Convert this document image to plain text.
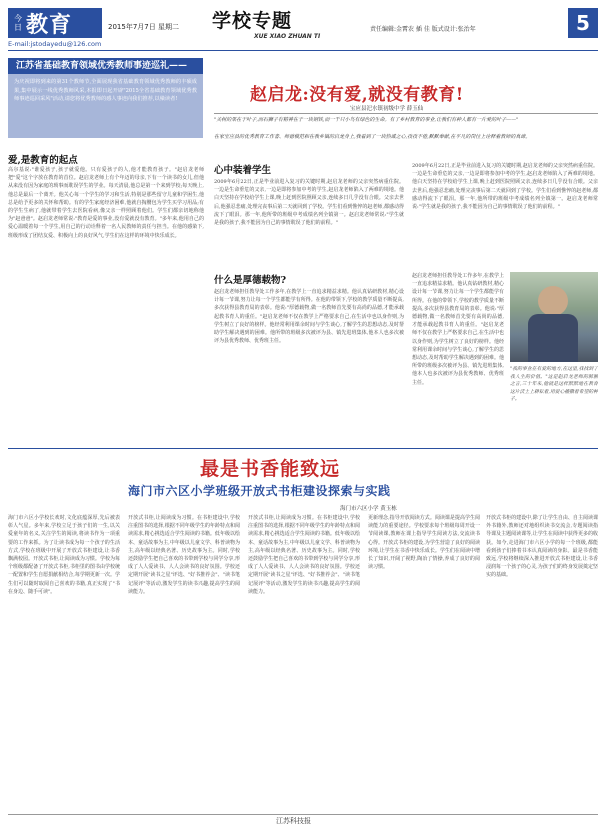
今日 教育	2015年7月7日 星期二
E-mail:jstodayedu@126.com
学校专题
XUE XIAO ZHUAN TI
责任编辑:金霄农 插 佳 版式设计:张治年	5
江苏省基础教育领域优秀教师事迹巡礼——
为庆祝即将到来的第31个教师节,全面展现我省基础教育领域优秀教师的丰硕成果,集中展示一线优秀教师风采,本报即日起开辟"2015全省基础教育领域优秀教师事迹巡回采风"活动,请您将优秀教师的感人事迹向我们推荐,以飨读者!	赵启龙:没有爱,就没有教育!
宝应县汜水镇初级中学 薛玉仙
"关树的果在于叶子,而石狮子有精神在于一块钢铁,而一千只小鸟有绿色的生命。有了乡村教育的事业,让我们有种人都有一片爱的叶子——"
在家宝应县的优秀教育工作者、师德模范和在我乡镇的启龙身上,我看到了一块热诚之心,孜孜不倦,默默奉献,在平凡的岗位上诠释着教师的真谛。
爱,是教育的起点
高尔基说:"谁爱孩子,孩子就爱他。只有爱孩子的人,他才能教育孩子。"赵启龙老师把"爱"这个字放在教育的首位。赵启龙老师上有个年迈的母亲,下有一个读书的女儿,但他从来没有因为家庭的琐事而耽误学生的学业。每天清晨,他总是第一个来到学校;每天晚上,他总是最后一个离开。他关心每一个学生的学习和生活,特别是那些留守儿童和学困生,他总是给予更多的关怀和帮助。有的学生家庭经济困难,他就自掏腰包为学生买学习用品;有的学生生病了,他就带着学生去医院看病,像父亲一样照顾着他们。学生们都亲切地称他为"赵爸爸"。赵启龙老师常说:"教育是爱的事业,没有爱就没有教育。"多年来,他用自己的爱心温暖着每一个学生,用自己的行动诠释着一名人民教师的责任与担当。在他的感染下,班级形成了团结友爱、积极向上的良好风气,学生们在这样的环境中快乐成长。
心中装着学生
2009年6月22日,正是毕业前进入复习的关键时期,赵启龙老师的父亲突然病重住院。一边是生命垂危的父亲,一边是即将参加中考的学生,赵启龙老师陷入了两难的境地。他白天坚持在学校给学生上课,晚上赶到医院照顾父亲,连续多日几乎没有合眼。父亲去世后,他强忍悲痛,处理完丧事后第二天就回到了学校。学生们看到憔悴的赵老师,都感动得流下了眼泪。那一年,他所带的班级中考成绩名列全镇第一。赵启龙老师常说:"学生就是我的孩子,我不能因为自己的事情耽误了他们的前程。"
2009年6月22日,正是毕业前进入复习的关键时期,赵启龙老师的父亲突然病重住院。一边是生命垂危的父亲,一边是即将参加中考的学生,赵启龙老师陷入了两难的境地。他白天坚持在学校给学生上课,晚上赶到医院照顾父亲,连续多日几乎没有合眼。父亲去世后,他强忍悲痛,处理完丧事后第二天就回到了学校。学生们看到憔悴的赵老师,都感动得流下了眼泪。那一年,他所带的班级中考成绩名列全镇第一。赵启龙老师常说:"学生就是我的孩子,我不能因为自己的事情耽误了他们的前程。"
什么是厚德载物?
赵启龙老师担任教导处工作多年,在教学上一直追求精益求精。他认真钻研教材,精心设计每一节课,努力让每一个学生都能学有所得。在他的带领下,学校的教学质量不断提高,多次获得县教育局的表彰。他说:"厚德载物,做一名教师首先要有高尚的品德,才能承载起教书育人的重任。"赵启龙老师不仅在教学上严格要求自己,在生活中也以身作则,为学生树立了良好的榜样。他经常利用课余时间与学生谈心,了解学生的思想动态,及时帮助学生解决遇到的困难。他所带的班级多次被评为县、镇先进班集体,他本人也多次被评为县优秀教师、优秀班主任。
赵启龙老师担任教导处工作多年,在教学上一直追求精益求精。他认真钻研教材,精心设计每一节课,努力让每一个学生都能学有所得。在他的带领下,学校的教学质量不断提高,多次获得县教育局的表彰。他说:"厚德载物,做一名教师首先要有高尚的品德,才能承载起教书育人的重任。"赵启龙老师不仅在教学上严格要求自己,在生活中也以身作则,为学生树立了良好的榜样。他经常利用课余时间与学生谈心,了解学生的思想动态,及时帮助学生解决遇到的困难。他所带的班级多次被评为县、镇先进班集体,他本人也多次被评为县优秀教师、优秀班主任。
"我的事业在有爱的地方,在这里,我找到了我人生的价值。"这是赵启龙老师的肺腑之言,三十年来,他就是这样默默地在教育这片沃土上耕耘着,用爱心播撒着希望的种子。
最是书香能致远
海门市六区小学班级开放式书柜建设探索与实践
海门市六区小学 黄玉栋
海门市六区小学校长欢时,文化底蕴深厚,先后被表彰人气星。多年来,学校立足于孩子们的一生,以关爱童年的名义,关注学生的阅读,将读书作为一项重要的工作来抓。为了让读书成为每一个孩子的生活方式,学校在班级中开展了开放式书柜建设,让书香飘满校园。开放式书柜,让阅读成为习惯。学校为每个班级都配备了开放式书柜,书柜里的图书由学校统一配置和学生自愿捐献相结合,每学期更新一次。学生们可以随时取阅自己喜欢的书籍,真正实现了"书在身边、随手可读"。
开放式书柜,让阅读成为习惯。在书柜建设中,学校注重图书的选择,根据不同年级学生的年龄特点和阅读需求,精心挑选适合学生阅读的书籍。低年级以绘本、童话故事为主,中年级以儿童文学、科普读物为主,高年级以经典名著、历史故事为主。同时,学校还鼓励学生把自己喜欢的书带到学校与同学分享,形成了人人爱读书、人人会读书的良好氛围。学校还定期开展"读书之星"评选、"好书推荐会"、"读书笔记展评"等活动,激发学生的读书兴趣,提高学生的阅读能力。
开放式书柜,让阅读成为习惯。在书柜建设中,学校注重图书的选择,根据不同年级学生的年龄特点和阅读需求,精心挑选适合学生阅读的书籍。低年级以绘本、童话故事为主,中年级以儿童文学、科普读物为主,高年级以经典名著、历史故事为主。同时,学校还鼓励学生把自己喜欢的书带到学校与同学分享,形成了人人爱读书、人人会读书的良好氛围。学校还定期开展"读书之星"评选、"好书推荐会"、"读书笔记展评"等活动,激发学生的读书兴趣,提高学生的阅读能力。
更新理念,指导开放阅读方式。阅读课是提高学生阅读能力的重要途径。学校要求每个班级每周开设一节阅读课,教师在课上指导学生阅读方法,交流读书心得。开放式书柜的建设,为学生营造了良好的阅读环境,让学生在书香中快乐成长。学生们在阅读中增长了知识,开阔了视野,陶冶了情操,养成了良好的阅读习惯。
开放式书柜的建设中,除了让学生自由、自主阅读课外书籍外,教师还对地组织读书交流会,专题阅读指导课及主题阅读课等,让学生在阅读中获得更多的收获。如今,走进海门市六区小学的每一个班级,都能看到孩子们捧着书本认真阅读的身影。最是书香能致远,学校将继续深入推进开放式书柜建设,让书香浸润每一个孩子的心灵,为孩子们的终身发展奠定坚实的基础。
江苏科技报
